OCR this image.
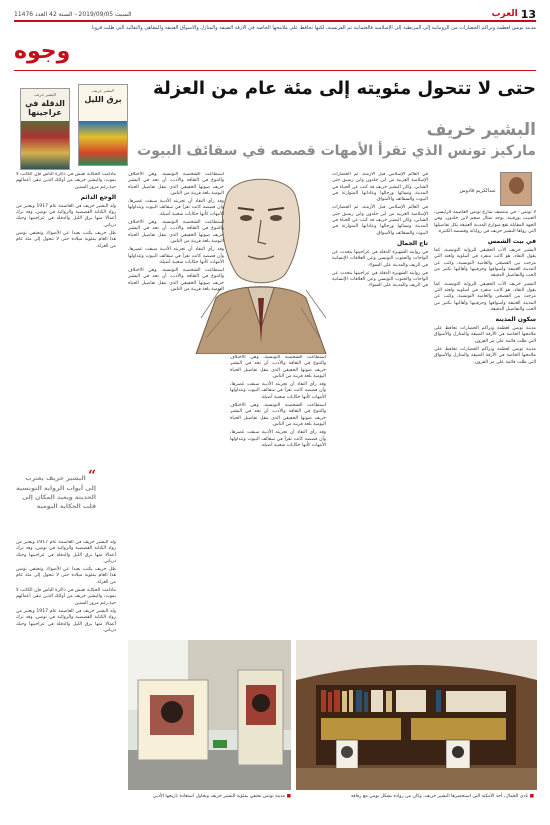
13
العرب
السبت 2019/09/05 - السنة 42 العدد 11476
مدينة تونس لعظمة وتراكم الحضارات من الرومانية إلى البيزنطية إلى الإسلامية فالعثمانية ثم الفرنسية، لكنها تحافظ على ملامحها الخاصة في الأزقة الضيقة والمنازل والأسواق العتيقة والمقاهي والتقاليد التي ظلت قرونا
وجوه
حتى لا تتحول مئويته إلى مئة عام من العزلة
البشير خريف
ماركيز تونس الذي تقرأ الأمهات قصصه في سقائف البيوت
البشير خريف
الدقلة في عراجينها
البشير خريف
برق الليل
عبدالكريم قادوس

لا تونس - في منتصف شارع تونس العاصمة الرئيسي، الحبيب بورقيبة، يوجد تمثال ضخم لابن خلدون، وفي الجهة المقابلة تقع شوارع المدينة العتيقة بكل تفاصيلها التي رواها البشير خريف في رواياته وقصصه الكثيرة.

في بيت الشمس

البشير خريف الأب الحقيقي للرواية التونسية، كما يقول النقاد، هو كاتب متفرد في أسلوبه ولغته التي مزجت بين الفصحى والعامية التونسية، وكتب عن المدينة العتيقة وأسواقها وحرفييها وأهاليها بكثير من الحب والتفاصيل الدقيقة.

البشير خريف الأب الحقيقي للرواية التونسية، كما يقول النقاد، هو كاتب متفرد في أسلوبه ولغته التي مزجت بين الفصحى والعامية التونسية، وكتب عن المدينة العتيقة وأسواقها وحرفييها وأهاليها بكثير من الحب والتفاصيل الدقيقة.

سكون المدينة

مدينة تونس لعظمة وتراكم الحضارات تحافظ على ملامحها الخاصة في الأزقة الضيقة والمنازل والأسواق التي ظلت قائمة على مر القرون.

مدينة تونس لعظمة وتراكم الحضارات تحافظ على ملامحها الخاصة في الأزقة الضيقة والمنازل والأسواق التي ظلت قائمة على مر القرون.

في العالم الإسلامي قبل الأزمنة، ثم الحضارات الإسلامية العربية من ابن خلدون وابن رشيق حتى الشابي، وكان البشير خريف قد كتب عن الحياة في المدينة ونسائها ورجالها وعاداتها المتوارثة في البيوت والسقائف والأسواق.

في العالم الإسلامي قبل الأزمنة، ثم الحضارات الإسلامية العربية من ابن خلدون وابن رشيق حتى الشابي، وكان البشير خريف قد كتب عن الحياة في المدينة ونسائها ورجالها وعاداتها المتوارثة في البيوت والسقائف والأسواق.

تاج الجمال

في روايته الشهيرة الدقلة في عراجينها يتحدث عن الواحات والجنوب التونسي وعن العلاقات الإنسانية في الريف والمدينة على السواء.

في روايته الشهيرة الدقلة في عراجينها يتحدث عن الواحات والجنوب التونسي وعن العلاقات الإنسانية في الريف والمدينة على السواء.

استطاعت الشخصية التونسية، وهي الاختلاف والتنوع في الثقافة والأدب، أن تجد في البشير خريف صوتها الحقيقي الذي ينقل تفاصيل الحياة اليومية بلغة قريبة من الناس.

وقد رأى النقاد أن تجربته الأدبية سبقت عصرها، وأن قصصه كانت تقرأ في سقائف البيوت وتتداولها الأمهات كأنها حكايات شعبية أصيلة.

استطاعت الشخصية التونسية، وهي الاختلاف والتنوع في الثقافة والأدب، أن تجد في البشير خريف صوتها الحقيقي الذي ينقل تفاصيل الحياة اليومية بلغة قريبة من الناس.

وقد رأى النقاد أن تجربته الأدبية سبقت عصرها، وأن قصصه كانت تقرأ في سقائف البيوت وتتداولها الأمهات كأنها حكايات شعبية أصيلة.

استطاعت الشخصية التونسية، وهي الاختلاف والتنوع في الثقافة والأدب، أن تجد في البشير خريف صوتها الحقيقي الذي ينقل تفاصيل الحياة اليومية بلغة قريبة من الناس.

وقد رأى النقاد أن تجربته الأدبية سبقت عصرها، وأن قصصه كانت تقرأ في سقائف البيوت وتتداولها الأمهات كأنها حكايات شعبية أصيلة.

استطاعت الشخصية التونسية، وهي الاختلاف والتنوع في الثقافة والأدب، أن تجد في البشير خريف صوتها الحقيقي الذي ينقل تفاصيل الحياة اليومية بلغة قريبة من الناس.

وقد رأى النقاد أن تجربته الأدبية سبقت عصرها، وأن قصصه كانت تقرأ في سقائف البيوت وتتداولها الأمهات كأنها حكايات شعبية أصيلة.

استطاعت الشخصية التونسية، وهي الاختلاف والتنوع في الثقافة والأدب، أن تجد في البشير خريف صوتها الحقيقي الذي ينقل تفاصيل الحياة اليومية بلغة قريبة من الناس.

مادامت الحكاية تعيش في ذاكرة الناس فإن الكاتب لا يموت، والبشير خريف من أولئك الذين تبقى أعمالهم حية رغم مرور السنين.

الوجع الدائم

ولد البشير خريف في العاصمة عام 1917 ويعتبر من رواد الكتابة القصصية والروائية في تونس، وقد ترك أعمالا منها برق الليل والدقلة في عراجينها وحبك درباني.

ظل خريف يكتب بعيدا عن الأضواء، وتحتفي تونس هذا العام بمئوية ميلاده حتى لا تتحول إلى مئة عام من العزلة.

“ البشير خريف يغترب إلى أبواب الرواية التونسية الحديثة ويعيد المكان إلى قلب الحكاية اليومية

ولد البشير خريف في العاصمة عام 1917 ويعتبر من رواد الكتابة القصصية والروائية في تونس، وقد ترك أعمالا منها برق الليل والدقلة في عراجينها وحبك درباني.

ظل خريف يكتب بعيدا عن الأضواء، وتحتفي تونس هذا العام بمئوية ميلاده حتى لا تتحول إلى مئة عام من العزلة.

مادامت الحكاية تعيش في ذاكرة الناس فإن الكاتب لا يموت، والبشير خريف من أولئك الذين تبقى أعمالهم حية رغم مرور السنين.

ولد البشير خريف في العاصمة عام 1917 ويعتبر من رواد الكتابة القصصية والروائية في تونس، وقد ترك أعمالا منها برق الليل والدقلة في عراجينها وحبك درباني.

■ نادي الجمال، أحد الأمكنة التي استحضرها البشير خريف، وكان من رواده بشكل يومي مع رفاقه
■ مدينة تونس تحتفي بمئوية البشير خريف وتحاول استعادة تاريخها الأدبي
